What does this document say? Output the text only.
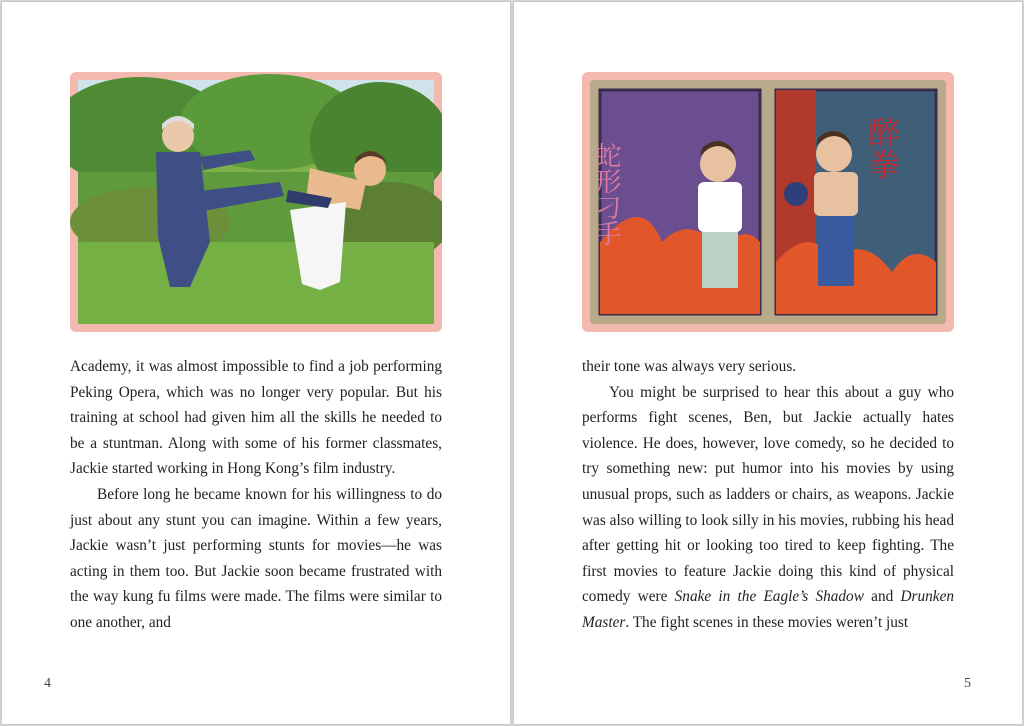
Academy, it was almost impossible to find a job performing Peking Opera, which was no longer very popular. But his training at school had given him all the skills he needed to be a stuntman. Along with some of his former classmates, Jackie started working in Hong Kong’s film industry.

Before long he became known for his willingness to do just about any stunt you can imagine. Within a few years, Jackie wasn’t just performing stunts for movies—he was acting in them too. But Jackie soon became frustrated with the way kung fu films were made. The films were similar to one another, and

4
蛇形刁手	醉拳

their tone was always very serious.

You might be surprised to hear this about a guy who performs fight scenes, Ben, but Jackie actually hates violence. He does, however, love comedy, so he decided to try something new: put humor into his movies by using unusual props, such as ladders or chairs, as weapons. Jackie was also willing to look silly in his movies, rubbing his head after getting hit or looking too tired to keep fighting. The first movies to feature Jackie doing this kind of physical comedy were Snake in the Eagle’s Shadow and Drunken Master. The fight scenes in these movies weren’t just

5
